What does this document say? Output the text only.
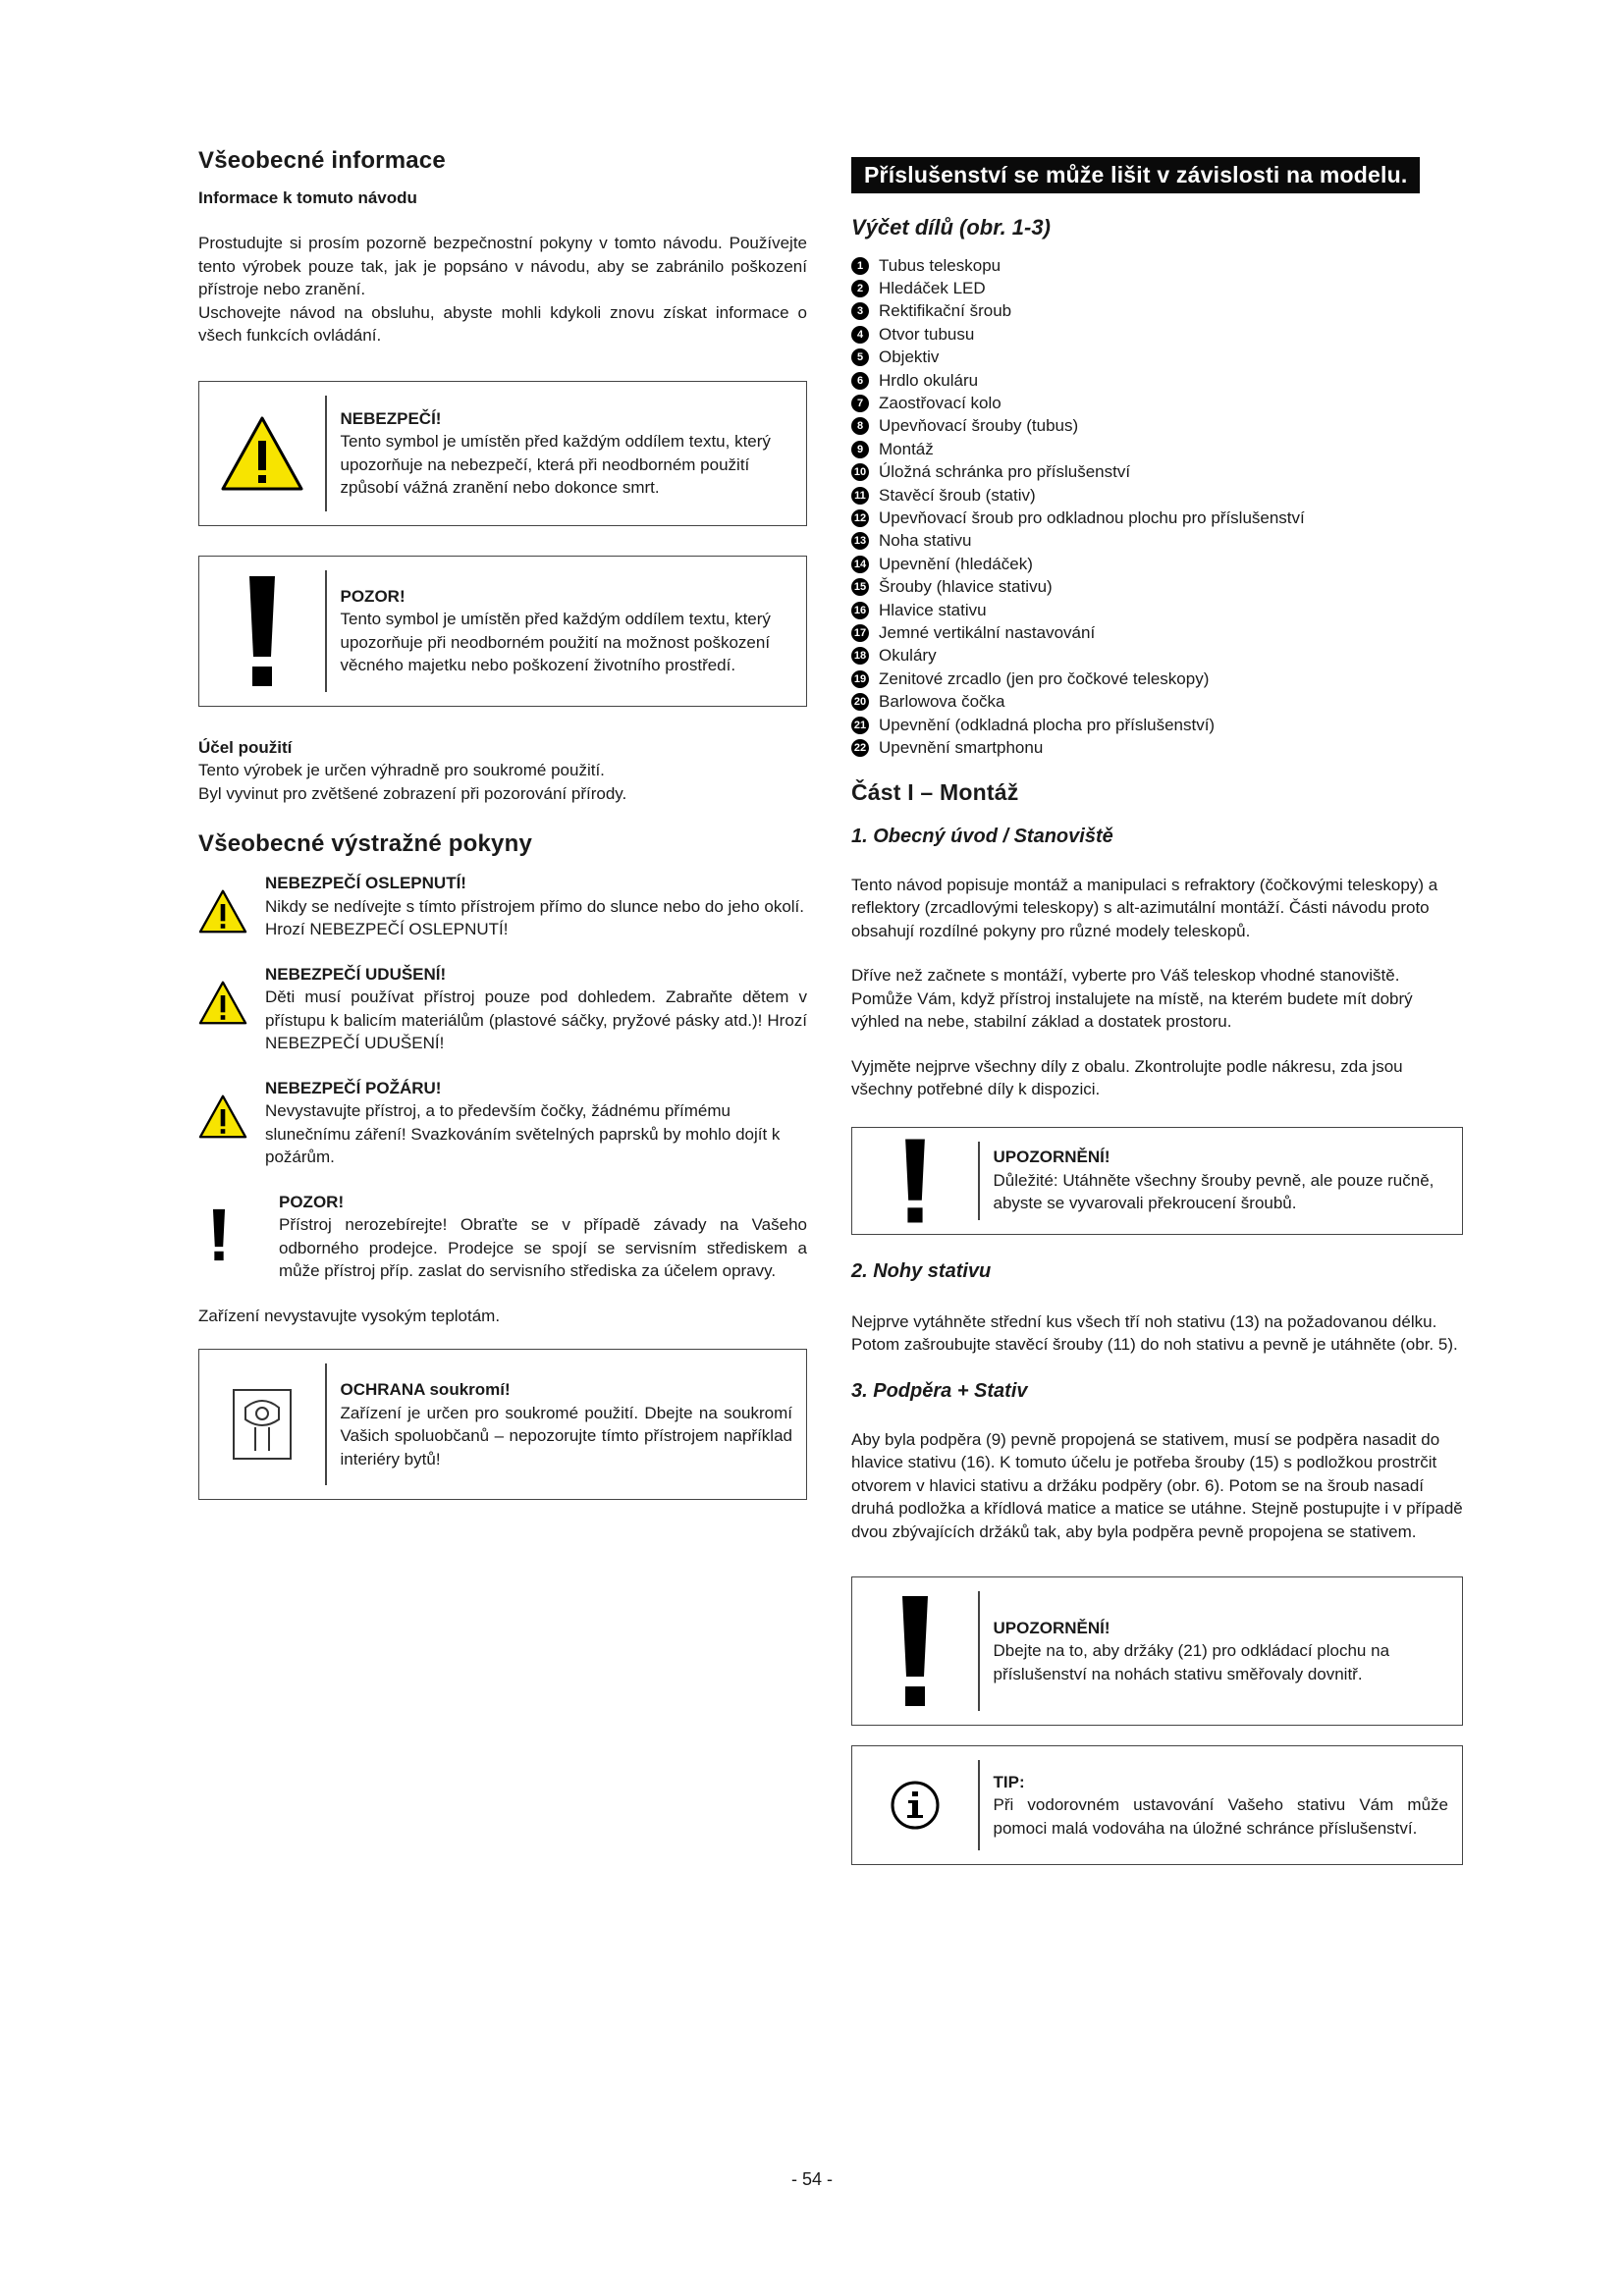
Všeobecné informace
Informace k tomuto návodu

Prostudujte si prosím pozorně bezpečnostní pokyny v tomto návodu. Používejte tento výrobek pouze tak, jak je popsáno v návodu, aby se zabránilo poškození přístroje nebo zranění.

Uschovejte návod na obsluhu, abyste mohli kdykoli znovu získat informace o všech funkcích ovládání.

NEBEZPEČÍ!
Tento symbol je umístěn před každým oddílem textu, který upozorňuje na nebezpečí, která při neodborném použití způsobí vážná zranění nebo dokonce smrt.
POZOR!
Tento symbol je umístěn před každým oddílem textu, který upozorňuje při neodborném použití na možnost poškození věcného majetku nebo poškození životního prostředí.

Účel použití

Tento výrobek je určen výhradně pro soukromé použití.

Byl vyvinut pro zvětšené zobrazení při pozorování přírody.

Všeobecné výstražné pokyny
NEBEZPEČÍ OSLEPNUTÍ!
Nikdy se nedívejte s tímto přístrojem přímo do slunce nebo do jeho okolí. Hrozí NEBEZPEČÍ OSLEPNUTÍ!
NEBEZPEČÍ UDUŠENÍ!
Děti musí používat přístroj pouze pod dohledem. Zabraňte dětem v přístupu k balicím materiálům (plastové sáčky, pryžové pásky atd.)! Hrozí NEBEZPEČÍ UDUŠENÍ!
NEBEZPEČÍ POŽÁRU!
Nevystavujte přístroj, a to především čočky, žádnému přímému slunečnímu záření! Svazkováním světelných paprsků by mohlo dojít k požárům.
POZOR!
Přístroj nerozebírejte! Obraťte se v případě závady na Vašeho odborného prodejce. Prodejce se spojí se servisním střediskem a může přístroj příp. zaslat do servisního střediska za účelem opravy.

Zařízení nevystavujte vysokým teplotám.

OCHRANA soukromí!
Zařízení je určen pro soukromé použití. Dbejte na soukromí Vašich spoluobčanů – nepozorujte tímto přístrojem například interiéry bytů!
Příslušenství se může lišit v závislosti na modelu.
Výčet dílů (obr. 1-3)
1 Tubus teleskopu
2 Hledáček LED
3 Rektifikační šroub
4 Otvor tubusu
5 Objektiv
6 Hrdlo okuláru
7 Zaostřovací kolo
8 Upevňovací šrouby (tubus)
9 Montáž
10 Úložná schránka pro příslušenství
11 Stavěcí šroub (stativ)
12 Upevňovací šroub pro odkladnou plochu pro příslušenství
13 Noha stativu
14 Upevnění (hledáček)
15 Šrouby (hlavice stativu)
16 Hlavice stativu
17 Jemné vertikální nastavování
18 Okuláry
19 Zenitové zrcadlo (jen pro čočkové teleskopy)
20 Barlowova čočka
21 Upevnění (odkladná plocha pro příslušenství)
22 Upevnění smartphonu
Část I – Montáž
1. Obecný úvod / Stanoviště

Tento návod popisuje montáž a manipulaci s refraktory (čočkovými teleskopy) a reflektory (zrcadlovými teleskopy) s alt-azimutální montáží. Části návodu proto obsahují rozdílné pokyny pro různé modely teleskopů.

Dříve než začnete s montáží, vyberte pro Váš teleskop vhodné stanoviště. Pomůže Vám, když přístroj instalujete na místě, na kterém budete mít dobrý výhled na nebe, stabilní základ a dostatek prostoru.

Vyjměte nejprve všechny díly z obalu. Zkontrolujte podle nákresu, zda jsou všechny potřebné díly k dispozici.

UPOZORNĚNÍ!
Důležité: Utáhněte všechny šrouby pevně, ale pouze ručně, abyste se vyvarovali překroucení šroubů.
2. Nohy stativu

Nejprve vytáhněte střední kus všech tří noh stativu (13) na požadovanou délku. Potom zašroubujte stavěcí šrouby (11) do noh stativu a pevně je utáhněte (obr. 5).

3. Podpěra + Stativ

Aby byla podpěra (9) pevně propojená se stativem, musí se podpěra nasadit do hlavice stativu (16). K tomuto účelu je potřeba šrouby (15) s podložkou prostrčit otvorem v hlavici stativu a držáku podpěry (obr. 6). Potom se na šroub nasadí druhá podložka a křídlová matice a matice se utáhne. Stejně postupujte i v případě dvou zbývajících držáků tak, aby byla podpěra pevně propojena se stativem.

UPOZORNĚNÍ!
Dbejte na to, aby držáky (21) pro odkládací plochu na příslušenství na nohách stativu směřovaly dovnitř.
TIP:
Při vodorovném ustavování Vašeho stativu Vám může pomoci malá vodováha na úložné schránce příslušenství.
- 54 -
